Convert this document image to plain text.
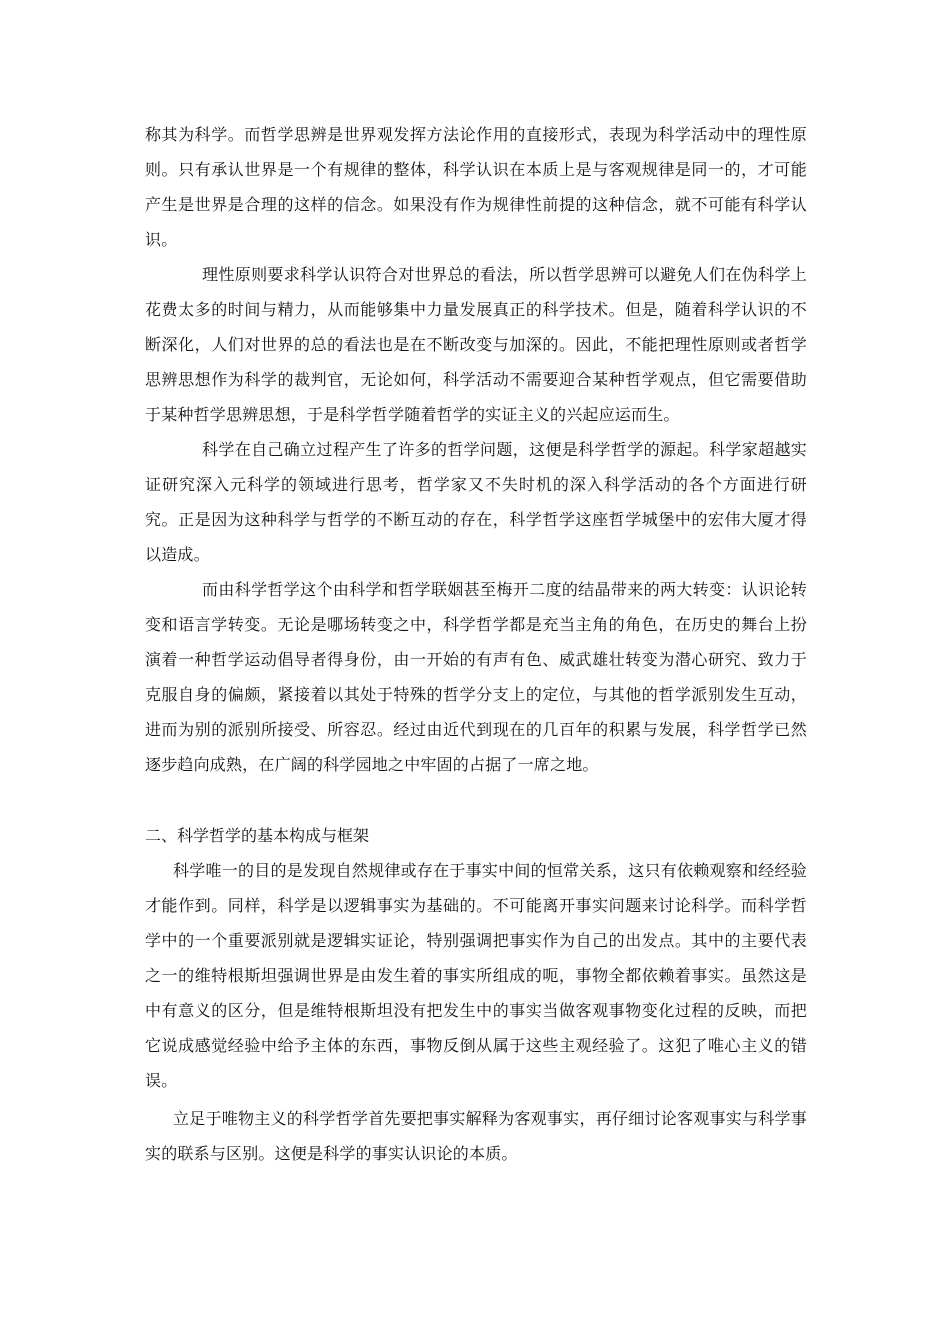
称其为科学。而哲学思辨是世界观发挥方法论作用的直接形式，表现为科学活动中的理性原则。只有承认世界是一个有规律的整体，科学认识在本质上是与客观规律是同一的，才可能产生是世界是合理的这样的信念。如果没有作为规律性前提的这种信念，就不可能有科学认识。

理性原则要求科学认识符合对世界总的看法，所以哲学思辨可以避免人们在伪科学上花费太多的时间与精力，从而能够集中力量发展真正的科学技术。但是，随着科学认识的不断深化，人们对世界的总的看法也是在不断改变与加深的。因此，不能把理性原则或者哲学思辨思想作为科学的裁判官，无论如何，科学活动不需要迎合某种哲学观点，但它需要借助于某种哲学思辨思想，于是科学哲学随着哲学的实证主义的兴起应运而生。

科学在自己确立过程产生了许多的哲学问题，这便是科学哲学的源起。科学家超越实证研究深入元科学的领域进行思考，哲学家又不失时机的深入科学活动的各个方面进行研究。正是因为这种科学与哲学的不断互动的存在，科学哲学这座哲学城堡中的宏伟大厦才得以造成。

而由科学哲学这个由科学和哲学联姻甚至梅开二度的结晶带来的两大转变：认识论转变和语言学转变。无论是哪场转变之中，科学哲学都是充当主角的角色，在历史的舞台上扮演着一种哲学运动倡导者得身份，由一开始的有声有色、威武雄壮转变为潜心研究、致力于克服自身的偏颇，紧接着以其处于特殊的哲学分支上的定位，与其他的哲学派别发生互动，进而为别的派别所接受、所容忍。经过由近代到现在的几百年的积累与发展，科学哲学已然逐步趋向成熟，在广阔的科学园地之中牢固的占据了一席之地。

二、科学哲学的基本构成与框架

科学唯一的目的是发现自然规律或存在于事实中间的恒常关系，这只有依赖观察和经经验才能作到。同样，科学是以逻辑事实为基础的。不可能离开事实问题来讨论科学。而科学哲学中的一个重要派别就是逻辑实证论，特别强调把事实作为自己的出发点。其中的主要代表之一的维特根斯坦强调世界是由发生着的事实所组成的呃，事物全都依赖着事实。虽然这是中有意义的区分，但是维特根斯坦没有把发生中的事实当做客观事物变化过程的反映，而把它说成感觉经验中给予主体的东西，事物反倒从属于这些主观经验了。这犯了唯心主义的错误。

立足于唯物主义的科学哲学首先要把事实解释为客观事实，再仔细讨论客观事实与科学事实的联系与区别。这便是科学的事实认识论的本质。
